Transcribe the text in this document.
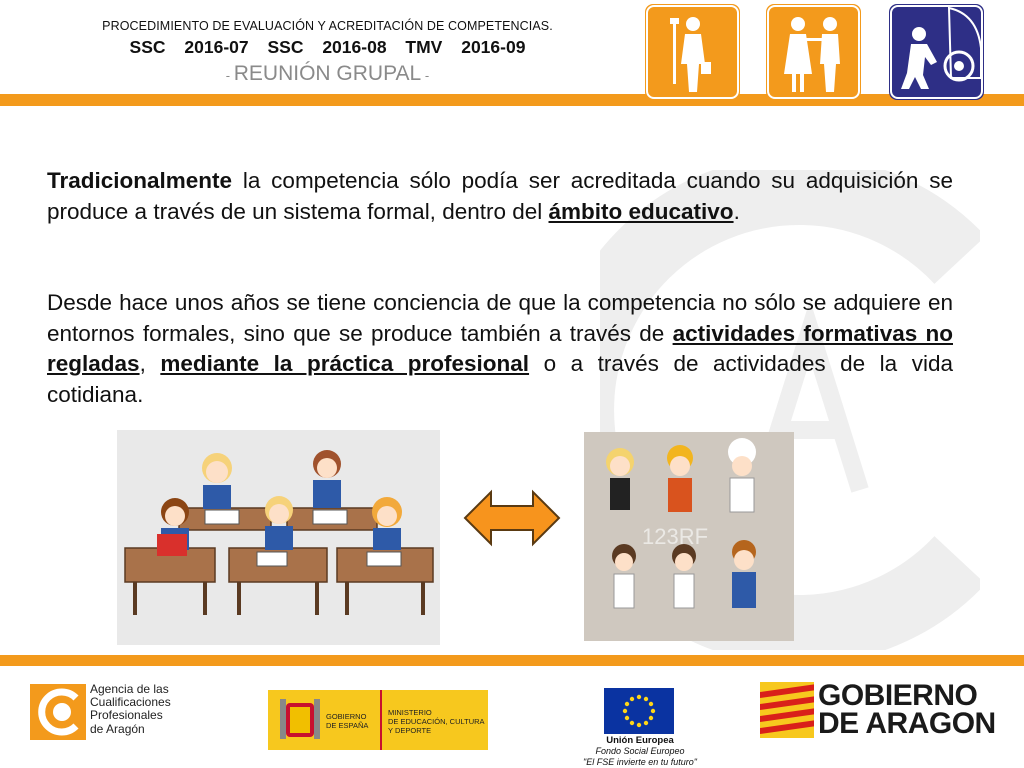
PROCEDIMIENTO DE EVALUACIÓN Y ACREDITACIÓN DE COMPETENCIAS.
SSC 2016-07 SSC 2016-08 TMV 2016-09
- REUNIÓN GRUPAL -
Tradicionalmente la competencia sólo podía ser acreditada cuando su adquisición se produce a través de un sistema formal, dentro del ámbito educativo.
Desde hace unos años se tiene conciencia de que la competencia no sólo se adquiere en entornos formales, sino que se produce también a través de actividades formativas no regladas, mediante la práctica profesional o a través de actividades de la vida cotidiana.
123RF
Agencia de las
Cualificaciones
Profesionales
de Aragón
GOBIERNO
DE ESPAÑA
MINISTERIO
DE EDUCACIÓN, CULTURA
Y DEPORTE
Unión Europea
Fondo Social Europeo
"El FSE invierte en tu futuro"
GOBIERNO
DE ARAGON
